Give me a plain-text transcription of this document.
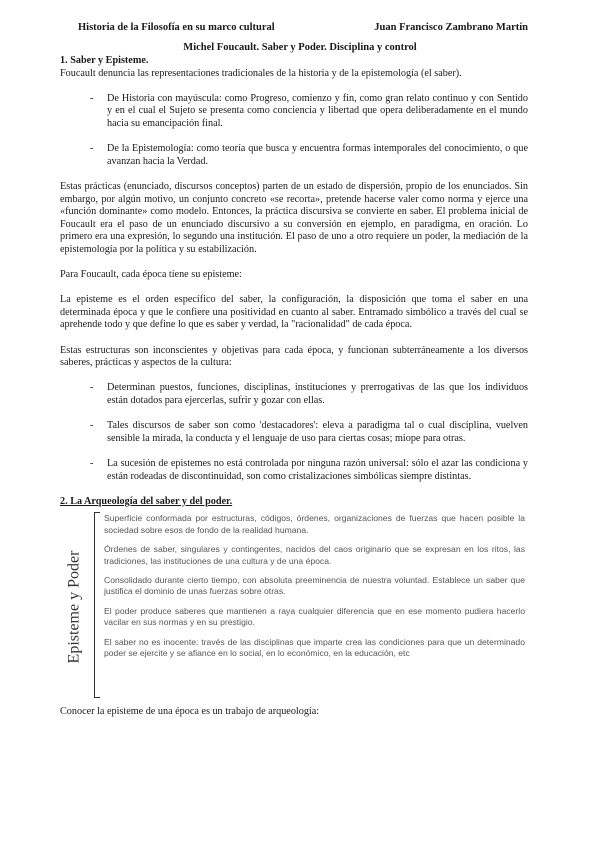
Historia de la Filosofía en su marco cultural	Juan Francisco Zambrano Martín
Michel Foucault. Saber y Poder. Disciplina y control

1. Saber y Episteme.

Foucault denuncia las representaciones tradicionales de la historia y de la epistemología (el saber).

- De Historia con mayúscula: como Progreso, comienzo y fin, como gran relato continuo y con Sentido y en el cual el Sujeto se presenta como conciencia y libertad que opera deliberadamente en el mundo hacia su emancipación final.
- De la Epistemología: como teoría que busca y encuentra formas intemporales del conocimiento, o que avanzan hacia la Verdad.

Estas prácticas (enunciado, discursos conceptos) parten de un estado de dispersión, propio de los enunciados. Sin embargo, por algún motivo, un conjunto concreto «se recorta», pretende hacerse valer como norma y ejerce una «función dominante» como modelo. Entonces, la práctica discursiva se convierte en saber. El problema inicial de Foucault era el paso de un enunciado discursivo a su conversión en ejemplo, en paradigma, en oración. Lo primero era una expresión, lo segundo una institución. El paso de uno a otro requiere un poder, la mediación de la epistemología por la política y su estabilización.

Para Foucault, cada época tiene su episteme:

La episteme es el orden específico del saber, la configuración, la disposición que toma el saber en una determinada época y que le confiere una positividad en cuanto al saber. Entramado simbólico a través del cual se aprehende todo y que define lo que es saber y verdad, la "racionalidad" de cada época.

Estas estructuras son inconscientes y objetivas para cada época, y funcionan subterráneamente a los diversos saberes, prácticas y aspectos de la cultura:

- Determinan puestos, funciones, disciplinas, instituciones y prerrogativas de las que los individuos están dotados para ejercerlas, sufrir y gozar con ellas.
- Tales discursos de saber son como 'destacadores': eleva a paradigma tal o cual disciplina, vuelven sensible la mirada, la conducta y el lenguaje de uso para ciertas cosas; miope para otras.
- La sucesión de epistemes no está controlada por ninguna razón universal: sólo el azar las condiciona y están rodeadas de discontinuidad, son como cristalizaciones simbólicas siempre distintas.

2. La Arqueología del saber y del poder.

Episteme y Poder
Superficie conformada por estructuras, códigos, órdenes, organizaciones de fuerzas que hacen posible la sociedad sobre esos de fondo de la realidad humana.
Órdenes de saber, singulares y contingentes, nacidos del caos originario que se expresan en los ritos, las tradiciones, las instituciones de una cultura y de una época.
Consolidado durante cierto tiempo, con absoluta preeminencia de nuestra voluntad. Establece un saber que justifica el dominio de unas fuerzas sobre otras.
El poder produce saberes que mantienen a raya cualquier diferencia que en ese momento pudiera hacerlo vacilar en sus normas y en su prestigio.
El saber no es inocente: través de las disciplinas que imparte crea las condiciones para que un determinado poder se ejercite y se afiance en lo social, en lo económico, en la educación, etc

Conocer la episteme de una época es un trabajo de arqueología:
